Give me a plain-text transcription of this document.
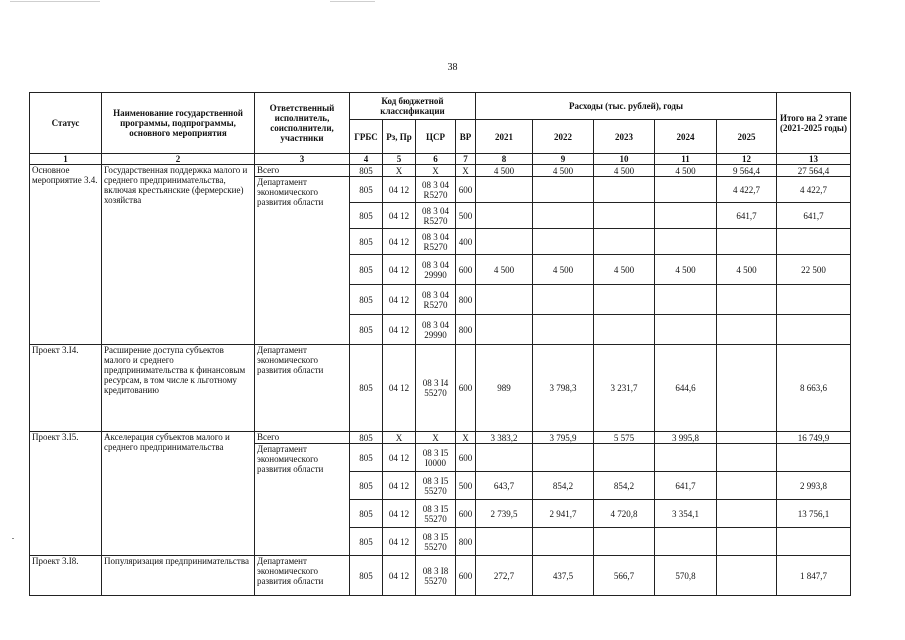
38
Статус	Наименование государственной программы, подпрограммы, основного мероприятия	Ответственный исполнитель, соисполнители, участники	Код бюджетной классификации				Расходы (тыс. рублей), годы					Итого на 2 этапе (2021-2025 годы)
			ГРБС	Рз, Пр	ЦСР	ВР	2021	2022	2023	2024	2025	
1	2	3	4	5	6	7	8	9	10	11	12	13
Основное мероприятие 3.4.	Государственная поддержка малого и среднего предпринимательства, включая крестьянские (фермерские) хозяйства	Всего	805	X	X	X	4 500	4 500	4 500	4 500	9 564,4	27 564,4
		Департамент экономического развития области	805	04 12	08 3 04 R5270	600					4 422,7	4 422,7
			805	04 12	08 3 04 R5270	500					641,7	641,7
			805	04 12	08 3 04 R5270	400						
			805	04 12	08 3 04 29990	600	4 500	4 500	4 500	4 500	4 500	22 500
			805	04 12	08 3 04 R5270	800						
			805	04 12	08 3 04 29990	800						
Проект 3.I4.	Расширение доступа субъектов малого и среднего предпринимательства к финансовым ресурсам, в том числе к льготному кредитованию	Департамент экономического развития области	805	04 12	08 3 I4 55270	600	989	3 798,3	3 231,7	644,6		8 663,6
Проект 3.I5.	Акселерация субъектов малого и среднего предпринимательства	Всего	805	X	X	X	3 383,2	3 795,9	5 575	3 995,8		16 749,9
		Департамент экономического развития области	805	04 12	08 3 I5 I0000	600						
			805	04 12	08 3 I5 55270	500	643,7	854,2	854,2	641,7		2 993,8
			805	04 12	08 3 I5 55270	600	2 739,5	2 941,7	4 720,8	3 354,1		13 756,1
			805	04 12	08 3 I5 55270	800						
Проект 3.I8.	Популяризация предпринимательства	Департамент экономического развития области	805	04 12	08 3 I8 55270	600	272,7	437,5	566,7	570,8		1 847,7
